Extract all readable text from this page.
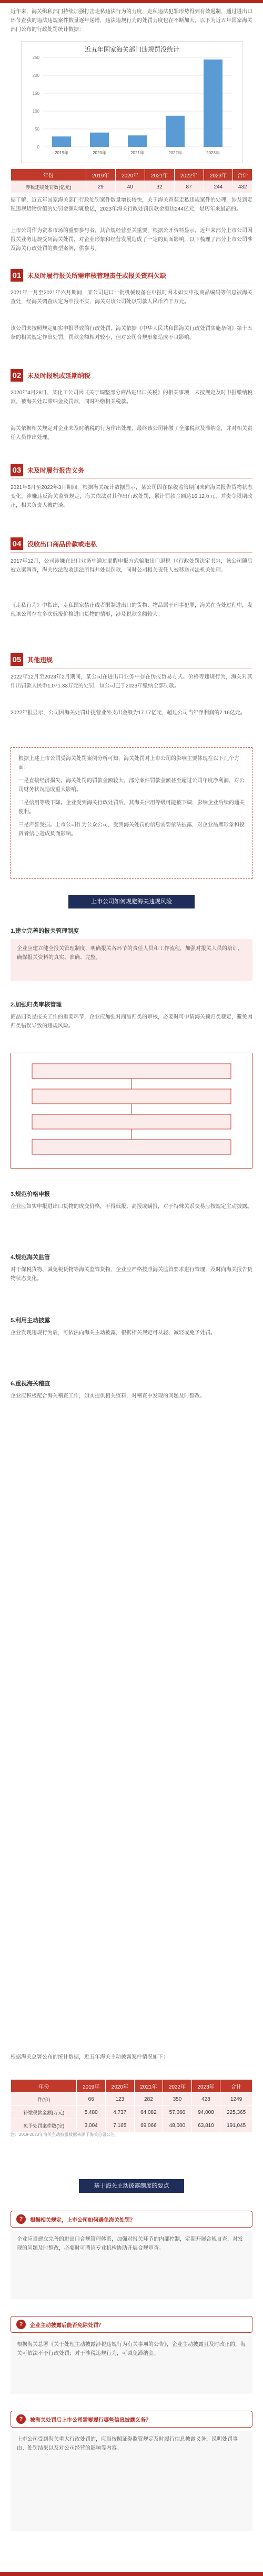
近年来，海关缉私部门持续加强打击走私违法行为的力度，走私违法犯罪形势得到有效遏制，通过进出口环节查获的违法违规案件数量逐年递增，违法违规行为的处罚力度也在不断加大，以下为近五年国家海关部门公布的行政处罚统计数据：

近五年国家海关部门违规罚没统计
0
50
100
150
200
250
2019年	2020年	2021年	2022年	2023年
年份	2019年	2020年	2021年	2022年	2023年	合计
涉税违规处罚数(亿元)	29	40	32	87	244	432

据了解，近五年国家海关部门行政处罚案件数量增长较快，关于海关查获走私违规案件的处理，涉及到走私违规货物价值的处罚金额动辄数亿，2023年海关行政处罚罚款金额达244亿元，是历年来最高的。

上市公司作为资本市场的重要参与者，其合规经营至关重要，根据公开资料显示，近年来部分上市公司因报关业务违规受到海关处罚，对企业形象和经营发展造成了一定的负面影响，以下梳理了部分上市公司涉及海关行政处罚的典型案例，供参考。

01 未及时履行报关所需审核管理责任或报关资料欠缺

2021年一月至2021年六月期间，某公司进口一批机械设备在申报时因未如实申报商品编码等信息被海关查处，经海关调查认定为申报不实，海关对该公司处以罚款人民币若干万元。

该公司未按照规定如实申报导致的行政处罚，海关依据《中华人民共和国海关行政处罚实施条例》第十五条的相关规定作出处罚，罚款金额相对较小，但对公司合规形象造成不良影响。

02 未及时报税或延期纳税

2020年4月28日，某化工公司因《关于调整部分商品进出口关税》的相关事项，未按规定及时申报缴纳税款，被海关处以滞纳金及罚款，同时补缴相关税款。

海关依据相关规定对企业未及时纳税的行为作出处理，最终该公司补缴了全部税款及滞纳金，并对相关责任人员作出处理。

03 未及时履行报告义务

2021年5月至2022年3月期间，根据海关统计数据显示，某公司因在保税监管期间未向海关报告货物状态变化，涉嫌违反海关监管规定，海关依法对其作出行政处罚，累计罚款金额达16.12万元，并责令限期改正，相关负责人被约谈。

04 没收出口商品价款或走私

2017年12月，公司涉嫌在出口业务中通过虚假申报方式骗取出口退税（《行政处罚决定书》），该公司随后被立案调查，海关依法没收违法所得并处以罚款，同时公司相关责任人被移送司法机关处理。

《走私行为》中指出，走私国家禁止或者限制进出口的货物、物品属于刑事犯罪，海关在查处过程中，发现该公司存在多次低报价格进口货物的情形，涉及税款金额较大。

05 其他违规

2022年12月至2023年2月期间，某公司在进出口业务中存在伪报贸易方式、价格等违规行为，海关对其作出罚款人民币1,071.33万元的处罚，该公司已于2023年缴纳全部罚款。

2022年报显示，公司因海关处罚计提营业外支出金额为17.17亿元，超过公司当年净利润的7.16亿元。

根据上述上市公司受海关处罚案例分析可知，海关处罚对上市公司的影响主要体现在以下几个方面：

一是直接经济损失。海关处罚的罚款金额较大，部分案件罚款金额甚至超过公司年度净利润，对公司财务状况造成重大影响。

二是信用等级下降。企业受到海关行政处罚后，其海关信用等级可能被下调，影响企业后续的通关便利。

三是声誉受损。上市公司作为公众公司，受到海关处罚的信息需要依法披露，对企业品牌形象和投资者信心造成负面影响。

上市公司如何规避海关违规风险
1.建立完善的报关管理制度
企业应建立健全报关管理制度，明确报关各环节的责任人员和工作流程，加强对报关人员的培训，确保报关资料的真实、准确、完整。
2.加强归类审核管理

商品归类是报关工作的重要环节，企业应加强对商品归类的审核，必要时可申请海关预归类裁定，避免因归类错误导致的违规风险。

3.规范价格申报

企业应如实申报进出口货物的成交价格，不得低报、高报或瞒报，对于特殊关系交易应按规定主动披露。

4.规范海关监管

对于保税货物、减免税货物等海关监管货物，企业应严格按照海关监管要求进行管理，及时向海关报告货物状态变化。

5.利用主动披露

企业发现违规行为后，可依法向海关主动披露，根据相关规定可从轻、减轻或免予处罚。

6.重视海关稽查

企业应积极配合海关稽查工作，如实提供相关资料，对稽查中发现的问题及时整改。

根据海关总署公布的统计数据，近五年海关主动披露案件情况如下：

年份	2019年	2020年	2021年	2022年	2023年	合计
件(宗)	66	123	282	350	428	1249
补缴税款金额(万元)	5,480	4,737	64,082	57,066	94,000	225,365
免予处罚案件数(宗)	3,004	7,165	69,066	48,000	63,810	191,045
注：2019-2023年海关主动披露数据来源于海关总署公告。
基于海关主动披露制度的要点
?	根据相关规定，上市公司如何避免海关处罚？
企业应当建立完善的进出口合规管理体系，加强对报关环节的内部控制，定期开展合规自查，对发现的问题及时整改，必要时可聘请专业机构协助开展合规审查。
?	企业主动披露后能否免除处罚？
根据海关总署《关于处理主动披露涉税违规行为有关事项的公告》，企业主动披露且及时改正的，海关可依法不予行政处罚；对于涉税违规行为，可减免滞纳金。
?	被海关处罚后上市公司需要履行哪些信息披露义务？
上市公司受到海关重大行政处罚的，应当按照证券监管规定及时履行信息披露义务，说明处罚事由、处罚结果以及对公司经营的影响等内容。
